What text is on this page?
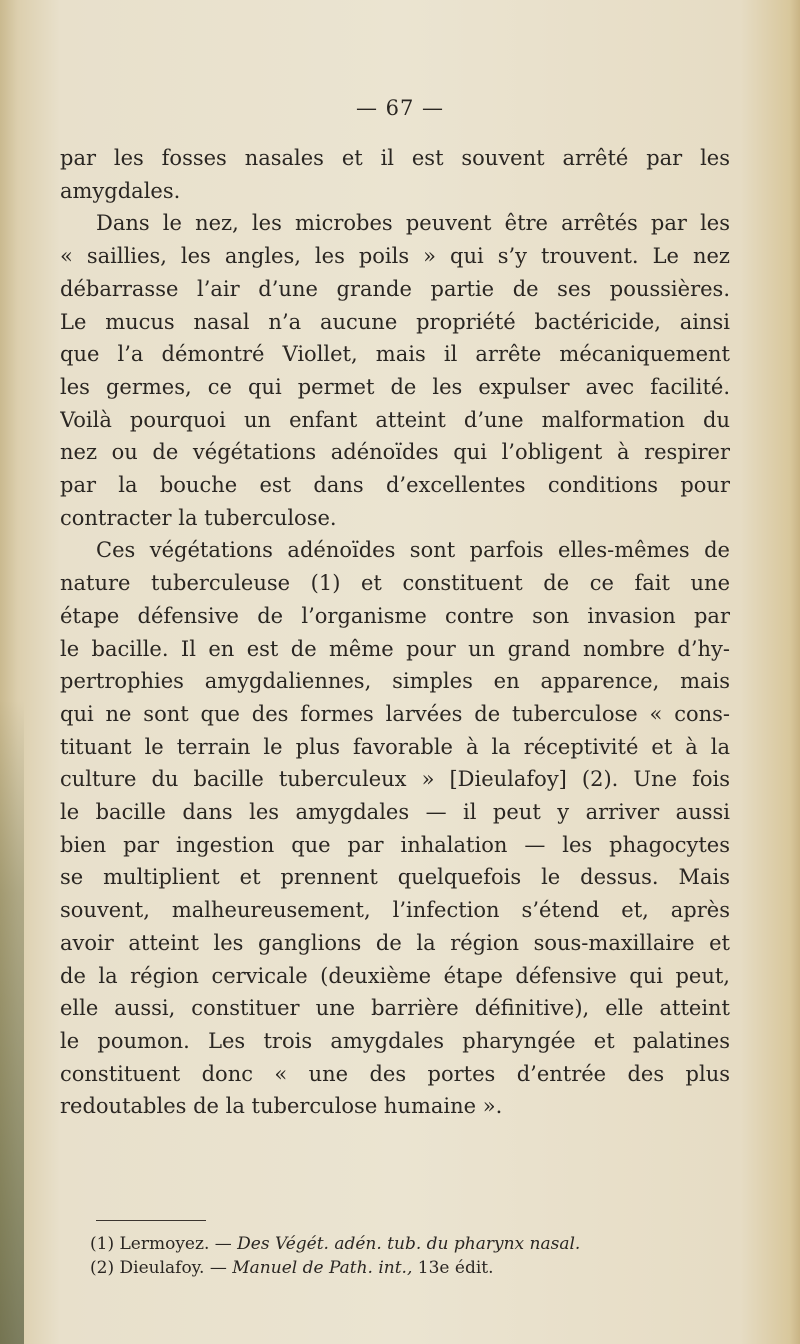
— 67 —

par les fosses nasales et il est souvent arrêté par les
amygdales.

Dans le nez, les microbes peuvent être arrêtés par les
« saillies, les angles, les poils » qui s’y trouvent. Le nez
débarrasse l’air d’une grande partie de ses poussières.
Le mucus nasal n’a aucune propriété bactéricide, ainsi
que l’a démontré Viollet, mais il arrête mécaniquement
les germes, ce qui permet de les expulser avec facilité.
Voilà pourquoi un enfant atteint d’une malformation du
nez ou de végétations adénoïdes qui l’obligent à respirer
par la bouche est dans d’excellentes conditions pour
contracter la tuberculose.

Ces végétations adénoïdes sont parfois elles-mêmes de
nature tuberculeuse (1) et constituent de ce fait une
étape défensive de l’organisme contre son invasion par
le bacille. Il en est de même pour un grand nombre d’hy-
pertrophies amygdaliennes, simples en apparence, mais
qui ne sont que des formes larvées de tuberculose « cons-
tituant le terrain le plus favorable à la réceptivité et à la
culture du bacille tuberculeux » [Dieulafoy] (2). Une fois
le bacille dans les amygdales — il peut y arriver aussi
bien par ingestion que par inhalation — les phagocytes
se multiplient et prennent quelquefois le dessus. Mais
souvent, malheureusement, l’infection s’étend et, après
avoir atteint les ganglions de la région sous-maxillaire et
de la région cervicale (deuxième étape défensive qui peut,
elle aussi, constituer une barrière définitive), elle atteint
le poumon. Les trois amygdales pharyngée et palatines
constituent donc « une des portes d’entrée des plus
redoutables de la tuberculose humaine ».

(1) Lermoyez. — Des Végét. adén. tub. du pharynx nasal.
(2) Dieulafoy. — Manuel de Path. int., 13e édit.
